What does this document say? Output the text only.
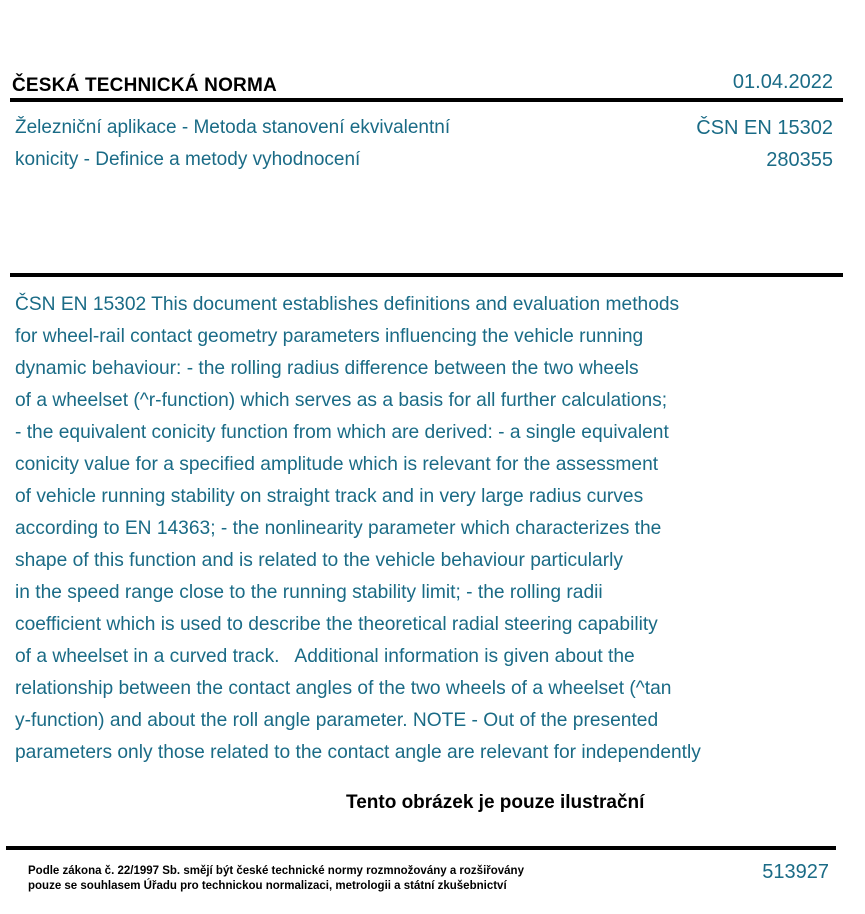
ČESKÁ TECHNICKÁ NORMA	01.04.2022
Železniční aplikace - Metoda stanovení ekvivalentní
konicity - Definice a metody vyhodnocení
ČSN EN 15302
280355
ČSN EN 15302 This document establishes definitions and evaluation methods
for wheel-rail contact geometry parameters influencing the vehicle running
dynamic behaviour: - the rolling radius difference between the two wheels
of a wheelset (^r-function) which serves as a basis for all further calculations;
- the equivalent conicity function from which are derived: - a single equivalent
conicity value for a specified amplitude which is relevant for the assessment
of vehicle running stability on straight track and in very large radius curves
according to EN 14363; - the nonlinearity parameter which characterizes the
shape of this function and is related to the vehicle behaviour particularly
in the speed range close to the running stability limit; - the rolling radii
coefficient which is used to describe the theoretical radial steering capability
of a wheelset in a curved track.   Additional information is given about the
relationship between the contact angles of the two wheels of a wheelset (^tan
y-function) and about the roll angle parameter. NOTE - Out of the presented
parameters only those related to the contact angle are relevant for independently
Tento obrázek je pouze ilustrační
Podle zákona č. 22/1997 Sb. smějí být české technické normy rozmnožovány a rozšiřovány
pouze se souhlasem Úřadu pro technickou normalizaci, metrologii a státní zkušebnictví
513927
